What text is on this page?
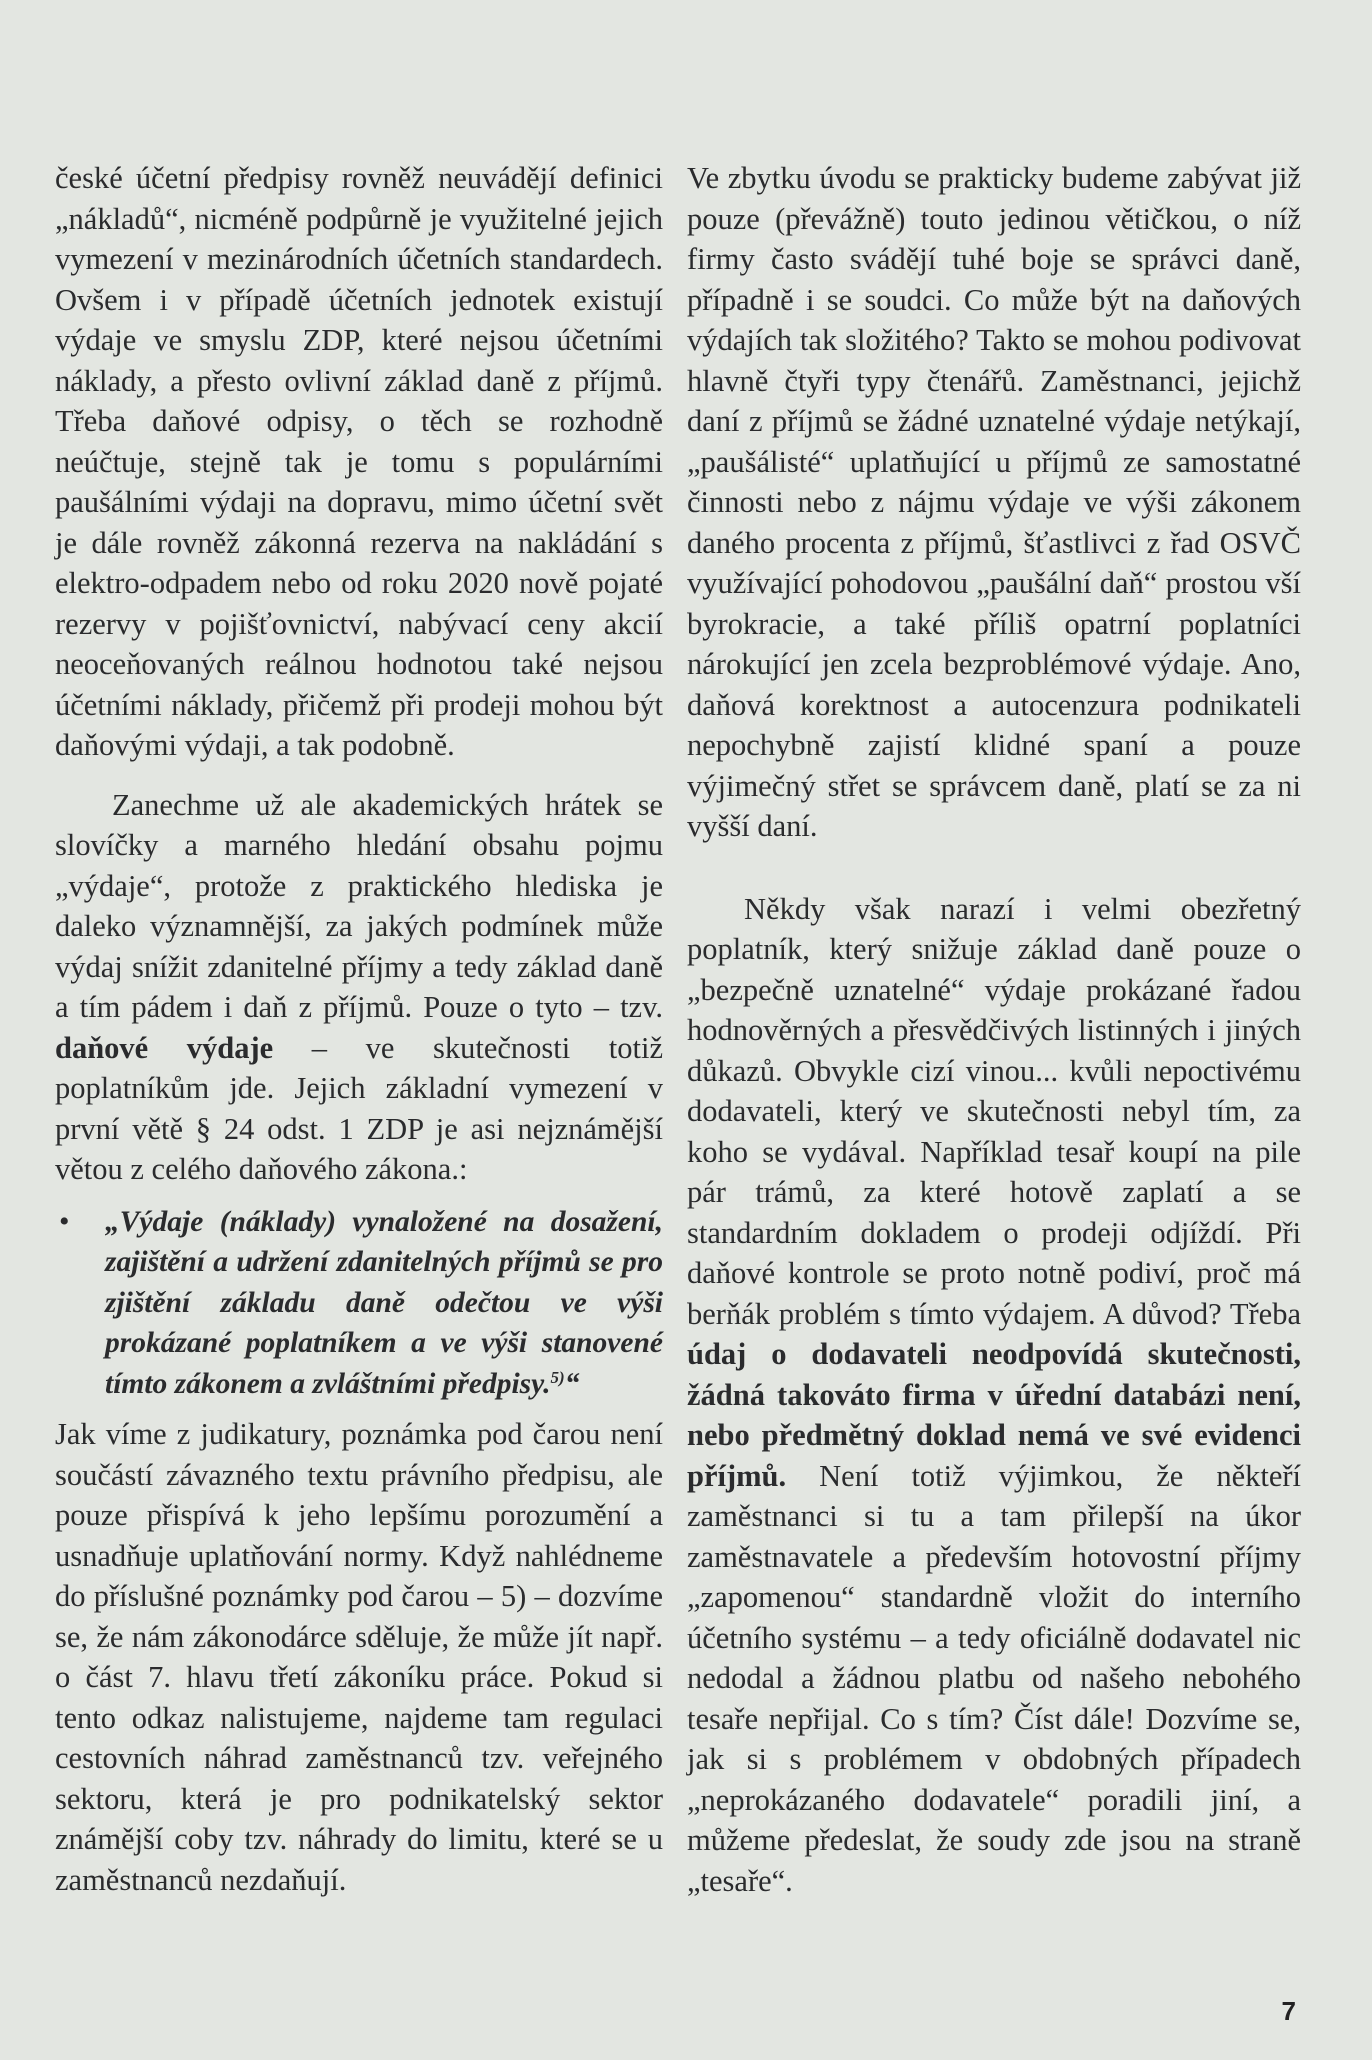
české účetní předpisy rovněž neuvádějí definici „nákladů“, nicméně podpůrně je využitelné jejich vymezení v mezinárodních účetních standardech. Ovšem i v případě účetních jednotek existují výdaje ve smyslu ZDP, které nejsou účetními náklady, a přesto ovlivní základ daně z příjmů. Třeba daňové odpisy, o těch se rozhodně neúčtuje, stejně tak je tomu s populárními paušálními výdaji na dopravu, mimo účetní svět je dále rovněž zákonná rezerva na nakládání s elektro-odpadem nebo od roku 2020 nově pojaté rezervy v pojišťovnictví, nabývací ceny akcií neoceňovaných reálnou hodnotou také nejsou účetními náklady, přičemž při prodeji mohou být daňovými výdaji, a tak podobně.

Zanechme už ale akademických hrátek se slovíčky a marného hledání obsahu pojmu „výdaje“, protože z praktického hlediska je daleko významnější, za jakých podmínek může výdaj snížit zdanitelné příjmy a tedy základ daně a tím pádem i daň z příjmů. Pouze o tyto – tzv. daňové výdaje – ve skutečnosti totiž poplatníkům jde. Jejich základní vymezení v první větě § 24 odst. 1 ZDP je asi nejznámější větou z celého daňového zákona.:

• „Výdaje (náklady) vynaložené na dosažení, zajištění a udržení zdanitelných příjmů se pro zjištění základu daně odečtou ve výši prokázané poplatníkem a ve výši stanovené tímto zákonem a zvláštními předpisy.$^{5)}$“

Jak víme z judikatury, poznámka pod čarou není součástí závazného textu právního předpisu, ale pouze přispívá k jeho lepšímu porozumění a usnadňuje uplatňování normy. Když nahlédneme do příslušné poznámky pod čarou – 5) – dozvíme se, že nám zákonodárce sděluje, že může jít např. o část 7. hlavu třetí zákoníku práce. Pokud si tento odkaz nalistujeme, najdeme tam regulaci cestovních náhrad zaměstnanců tzv. veřejného sektoru, která je pro podnikatelský sektor známější coby tzv. náhrady do limitu, které se u zaměstnanců nezdaňují.

Ve zbytku úvodu se prakticky budeme zabývat již pouze (převážně) touto jedinou větičkou, o níž firmy často svádějí tuhé boje se správci daně, případně i se soudci. Co může být na daňových výdajích tak složitého? Takto se mohou podivovat hlavně čtyři typy čtenářů. Zaměstnanci, jejichž daní z příjmů se žádné uznatelné výdaje netýkají, „paušálisté“ uplatňující u příjmů ze samostatné činnosti nebo z nájmu výdaje ve výši zákonem daného procenta z příjmů, šťastlivci z řad OSVČ využívající pohodovou „paušální daň“ prostou vší byrokracie, a také příliš opatrní poplatníci nárokující jen zcela bezproblémové výdaje. Ano, daňová korektnost a autocenzura podnikateli nepochybně zajistí klidné spaní a pouze výjimečný střet se správcem daně, platí se za ni vyšší daní.

Někdy však narazí i velmi obezřetný poplatník, který snižuje základ daně pouze o „bezpečně uznatelné“ výdaje prokázané řadou hodnověrných a přesvědčivých listinných i jiných důkazů. Obvykle cizí vinou... kvůli nepoctivému dodavateli, který ve skutečnosti nebyl tím, za koho se vydával. Například tesař koupí na pile pár trámů, za které hotově zaplatí a se standardním dokladem o prodeji odjíždí. Při daňové kontrole se proto notně podiví, proč má berňák problém s tímto výdajem. A důvod? Třeba údaj o dodavateli neodpovídá skutečnosti, žádná takováto firma v úřední databázi není, nebo předmětný doklad nemá ve své evidenci příjmů. Není totiž výjimkou, že někteří zaměstnanci si tu a tam přilepší na úkor zaměstnavatele a především hotovostní příjmy „zapomenou“ standardně vložit do interního účetního systému – a tedy oficiálně dodavatel nic nedodal a žádnou platbu od našeho nebohého tesaře nepřijal. Co s tím? Číst dále! Dozvíme se, jak si s problémem v obdobných případech „neprokázaného dodavatele“ poradili jiní, a můžeme předeslat, že soudy zde jsou na straně „tesaře“.

7
